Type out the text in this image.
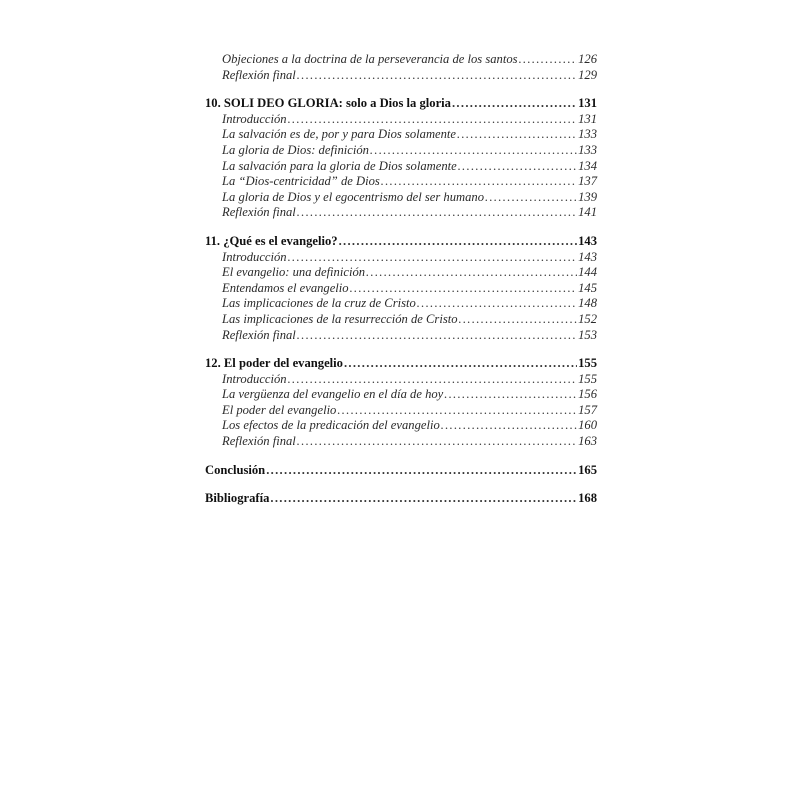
Objeciones a la doctrina de la perseverancia de los santos .....	126
Reflexión final .....	129
10. SOLI DEO GLORIA: solo a Dios la gloria .....	131
Introducción .....	131
La salvación es de, por y para Dios solamente .....	133
La gloria de Dios: definición .....	133
La salvación para la gloria de Dios solamente .....	134
La “Dios-centricidad” de Dios .....	137
La gloria de Dios y el egocentrismo del ser humano .....	139
Reflexión final .....	141
11. ¿Qué es el evangelio? .....	143
Introducción .....	143
El evangelio: una definición .....	144
Entendamos el evangelio .....	145
Las implicaciones de la cruz de Cristo .....	148
Las implicaciones de la resurrección de Cristo .....	152
Reflexión final .....	153
12. El poder del evangelio .....	155
Introducción .....	155
La vergüenza del evangelio en el día de hoy .....	156
El poder del evangelio .....	157
Los efectos de la predicación del evangelio .....	160
Reflexión final .....	163
Conclusión .....	165
Bibliografía .....	168
